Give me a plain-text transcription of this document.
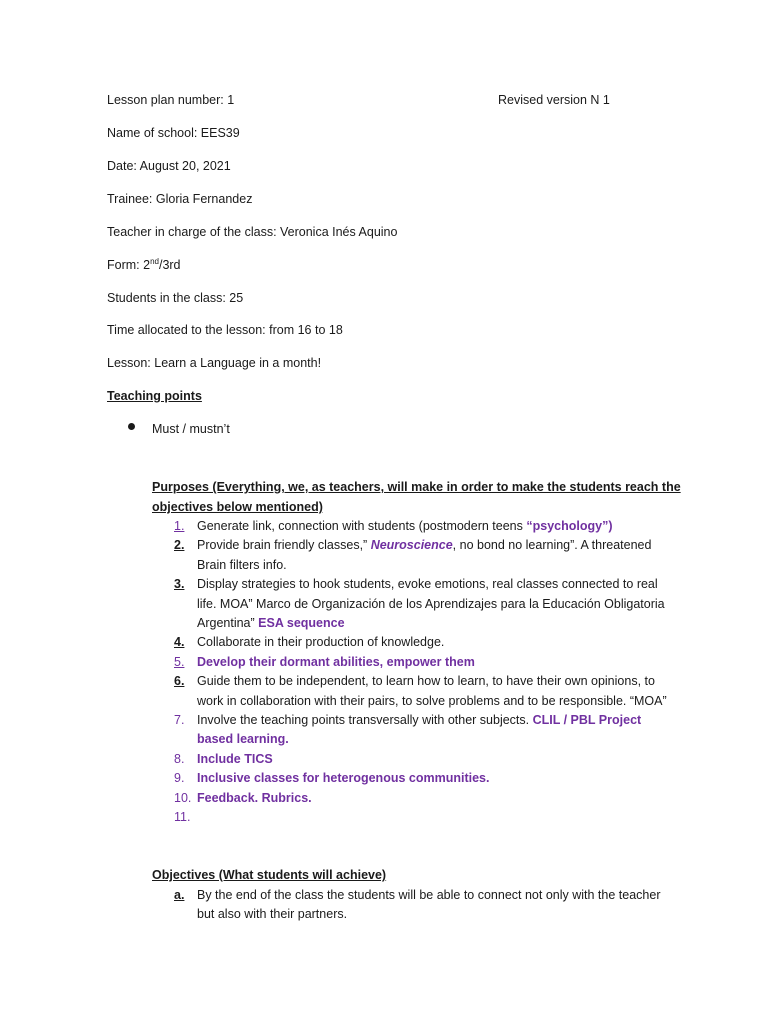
Lesson plan number: 1	Revised version N 1
Name of school: EES39
Date: August 20, 2021
Trainee: Gloria Fernandez
Teacher in charge of the class: Veronica Inés Aquino
Form: 2nd/3rd
Students in the class: 25
Time allocated to the lesson: from 16 to 18
Lesson: Learn a Language in a month!
Teaching points
Must / mustn’t
Purposes (Everything, we, as teachers, will make in order to make the students reach the
objectives below mentioned)
1. Generate link, connection with students (postmodern teens “psychology”)
2. Provide brain friendly classes,” Neuroscience, no bond no learning”. A threatened Brain filters info.
3. Display strategies to hook students, evoke emotions, real classes connected to real life. MOA” Marco de Organización de los Aprendizajes para la Educación Obligatoria Argentina” ESA sequence
4. Collaborate in their production of knowledge.
5. Develop their dormant abilities, empower them
6. Guide them to be independent, to learn how to learn, to have their own opinions, to work in collaboration with their pairs, to solve problems and to be responsible. “MOA”
7. Involve the teaching points transversally with other subjects. CLIL / PBL Project based learning.
8. Include TICS
9. Inclusive classes for heterogenous communities.
10. Feedback. Rubrics.
11.

Objectives (What students will achieve)
a. By the end of the class the students will be able to connect not only with the teacher but also with their partners.
